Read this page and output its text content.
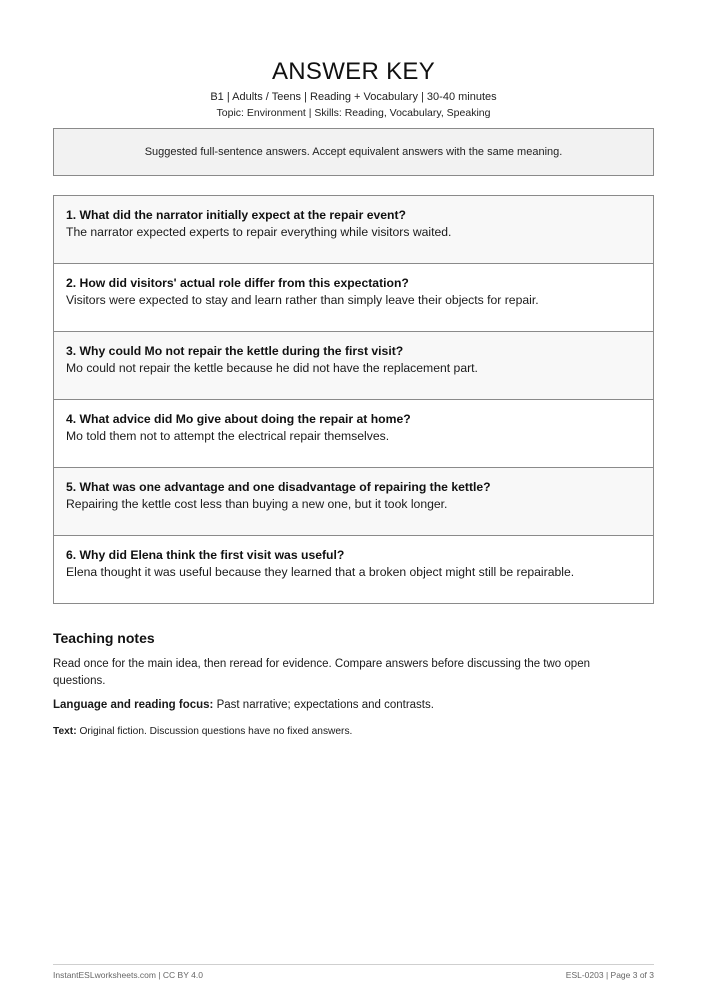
ANSWER KEY
B1 | Adults / Teens | Reading + Vocabulary | 30-40 minutes
Topic: Environment | Skills: Reading, Vocabulary, Speaking
Suggested full-sentence answers. Accept equivalent answers with the same meaning.
1. What did the narrator initially expect at the repair event?
The narrator expected experts to repair everything while visitors waited.
2. How did visitors' actual role differ from this expectation?
Visitors were expected to stay and learn rather than simply leave their objects for repair.
3. Why could Mo not repair the kettle during the first visit?
Mo could not repair the kettle because he did not have the replacement part.
4. What advice did Mo give about doing the repair at home?
Mo told them not to attempt the electrical repair themselves.
5. What was one advantage and one disadvantage of repairing the kettle?
Repairing the kettle cost less than buying a new one, but it took longer.
6. Why did Elena think the first visit was useful?
Elena thought it was useful because they learned that a broken object might still be repairable.
Teaching notes
Read once for the main idea, then reread for evidence. Compare answers before discussing the two open questions.
Language and reading focus: Past narrative; expectations and contrasts.
Text: Original fiction. Discussion questions have no fixed answers.
InstantESLworksheets.com | CC BY 4.0	ESL-0203 | Page 3 of 3
